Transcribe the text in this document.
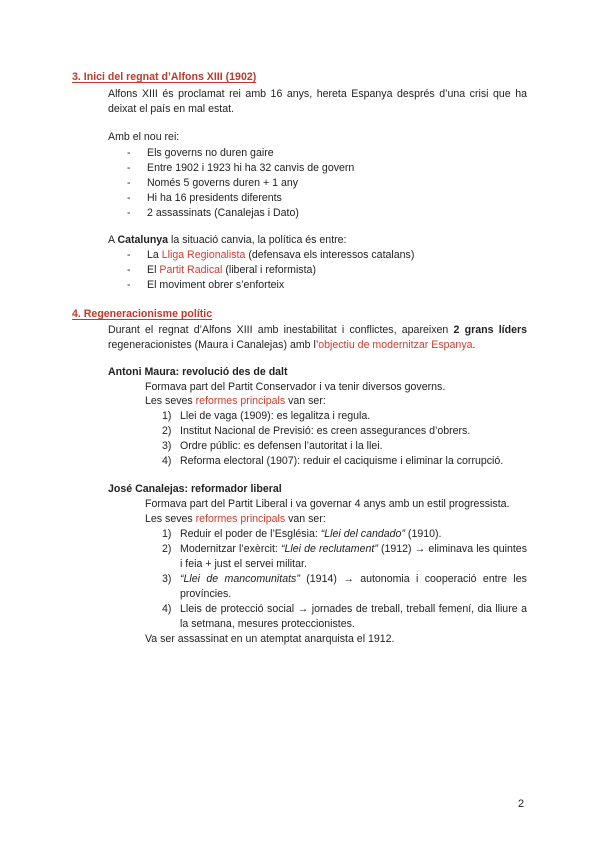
3. Inici del regnat d’Alfons XIII (1902)
Alfons XIII és proclamat rei amb 16 anys, hereta Espanya després d’una crisi que ha deixat el país en mal estat.
Amb el nou rei:
- Els governs no duren gaire
- Entre 1902 i 1923 hi ha 32 canvis de govern
- Només 5 governs duren + 1 any
- Hi ha 16 presidents diferents
- 2 assassinats (Canalejas i Dato)
A Catalunya la situació canvia, la política és entre:
- La Lliga Regionalista (defensava els interessos catalans)
- El Partit Radical (liberal i reformista)
- El moviment obrer s’enforteix
4. Regeneracionisme polític
Durant el regnat d’Alfons XIII amb inestabilitat i conflictes, apareixen 2 grans líders regeneracionistes (Maura i Canalejas) amb l’objectiu de modernitzar Espanya.
Antoni Maura: revolució des de dalt
Formava part del Partit Conservador i va tenir diversos governs.
Les seves reformes principals van ser:
1) Llei de vaga (1909): es legalitza i regula.
2) Institut Nacional de Previsió: es creen assegurances d’obrers.
3) Ordre públic: es defensen l’autoritat i la llei.
4) Reforma electoral (1907): reduir el caciquisme i eliminar la corrupció.
José Canalejas: reformador liberal
Formava part del Partit Liberal i va governar 4 anys amb un estil progressista.
Les seves reformes principals van ser:
1) Reduir el poder de l’Església: “Llei del candado” (1910).
2) Modernitzar l’exèrcit: “Llei de reclutament” (1912) → eliminava les quintes i feia + just el servei militar.
3) “Llei de mancomunitats” (1914) → autonomia i cooperació entre les províncies.
4) Lleis de protecció social → jornades de treball, treball femení, dia lliure a la setmana, mesures proteccionistes.
Va ser assassinat en un atemptat anarquista el 1912.
2
